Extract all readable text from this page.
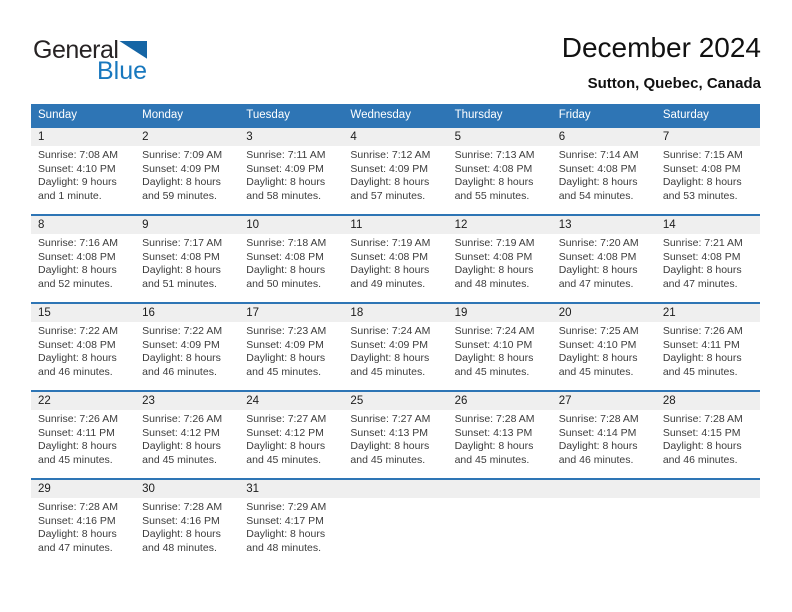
General
Blue
December 2024
Sutton, Quebec, Canada
Sunday	Monday	Tuesday	Wednesday	Thursday	Friday	Saturday
1	2	3	4	5	6	7
Sunrise: 7:08 AM
Sunset: 4:10 PM
Daylight: 9 hours
and 1 minute.
Sunrise: 7:09 AM
Sunset: 4:09 PM
Daylight: 8 hours
and 59 minutes.
Sunrise: 7:11 AM
Sunset: 4:09 PM
Daylight: 8 hours
and 58 minutes.
Sunrise: 7:12 AM
Sunset: 4:09 PM
Daylight: 8 hours
and 57 minutes.
Sunrise: 7:13 AM
Sunset: 4:08 PM
Daylight: 8 hours
and 55 minutes.
Sunrise: 7:14 AM
Sunset: 4:08 PM
Daylight: 8 hours
and 54 minutes.
Sunrise: 7:15 AM
Sunset: 4:08 PM
Daylight: 8 hours
and 53 minutes.
8	9	10	11	12	13	14
Sunrise: 7:16 AM
Sunset: 4:08 PM
Daylight: 8 hours
and 52 minutes.
Sunrise: 7:17 AM
Sunset: 4:08 PM
Daylight: 8 hours
and 51 minutes.
Sunrise: 7:18 AM
Sunset: 4:08 PM
Daylight: 8 hours
and 50 minutes.
Sunrise: 7:19 AM
Sunset: 4:08 PM
Daylight: 8 hours
and 49 minutes.
Sunrise: 7:19 AM
Sunset: 4:08 PM
Daylight: 8 hours
and 48 minutes.
Sunrise: 7:20 AM
Sunset: 4:08 PM
Daylight: 8 hours
and 47 minutes.
Sunrise: 7:21 AM
Sunset: 4:08 PM
Daylight: 8 hours
and 47 minutes.
15	16	17	18	19	20	21
Sunrise: 7:22 AM
Sunset: 4:08 PM
Daylight: 8 hours
and 46 minutes.
Sunrise: 7:22 AM
Sunset: 4:09 PM
Daylight: 8 hours
and 46 minutes.
Sunrise: 7:23 AM
Sunset: 4:09 PM
Daylight: 8 hours
and 45 minutes.
Sunrise: 7:24 AM
Sunset: 4:09 PM
Daylight: 8 hours
and 45 minutes.
Sunrise: 7:24 AM
Sunset: 4:10 PM
Daylight: 8 hours
and 45 minutes.
Sunrise: 7:25 AM
Sunset: 4:10 PM
Daylight: 8 hours
and 45 minutes.
Sunrise: 7:26 AM
Sunset: 4:11 PM
Daylight: 8 hours
and 45 minutes.
22	23	24	25	26	27	28
Sunrise: 7:26 AM
Sunset: 4:11 PM
Daylight: 8 hours
and 45 minutes.
Sunrise: 7:26 AM
Sunset: 4:12 PM
Daylight: 8 hours
and 45 minutes.
Sunrise: 7:27 AM
Sunset: 4:12 PM
Daylight: 8 hours
and 45 minutes.
Sunrise: 7:27 AM
Sunset: 4:13 PM
Daylight: 8 hours
and 45 minutes.
Sunrise: 7:28 AM
Sunset: 4:13 PM
Daylight: 8 hours
and 45 minutes.
Sunrise: 7:28 AM
Sunset: 4:14 PM
Daylight: 8 hours
and 46 minutes.
Sunrise: 7:28 AM
Sunset: 4:15 PM
Daylight: 8 hours
and 46 minutes.
29	30	31
Sunrise: 7:28 AM
Sunset: 4:16 PM
Daylight: 8 hours
and 47 minutes.
Sunrise: 7:28 AM
Sunset: 4:16 PM
Daylight: 8 hours
and 48 minutes.
Sunrise: 7:29 AM
Sunset: 4:17 PM
Daylight: 8 hours
and 48 minutes.
